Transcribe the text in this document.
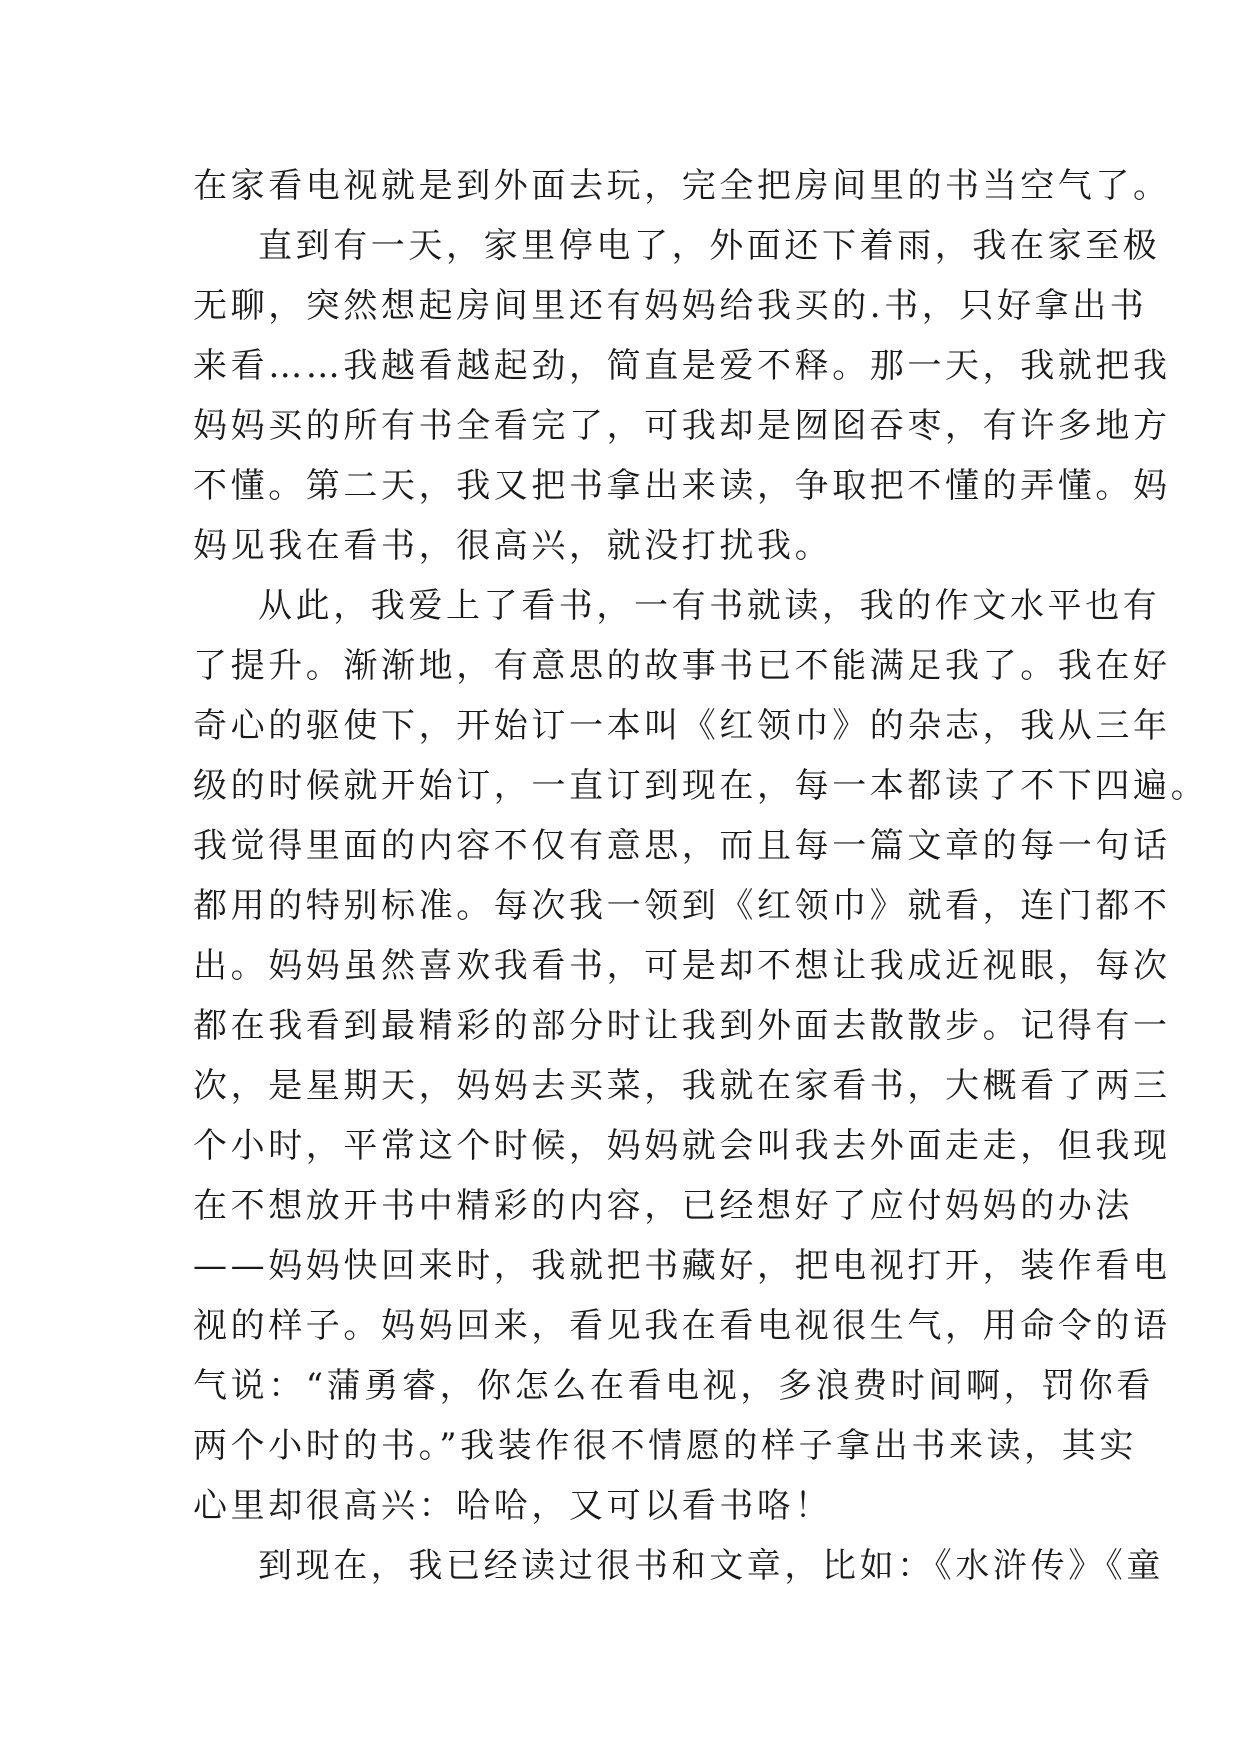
在家看电视就是到外面去玩，完全把房间里的书当空气了。
直到有一天，家里停电了，外面还下着雨，我在家至极
无聊，突然想起房间里还有妈妈给我买的.书，只好拿出书
来看……我越看越起劲，简直是爱不释。那一天，我就把我
妈妈买的所有书全看完了，可我却是囫囵吞枣，有许多地方
不懂。第二天，我又把书拿出来读，争取把不懂的弄懂。妈
妈见我在看书，很高兴，就没打扰我。
从此，我爱上了看书，一有书就读，我的作文水平也有
了提升。渐渐地，有意思的故事书已不能满足我了。我在好
奇心的驱使下，开始订一本叫《红领巾》的杂志，我从三年
级的时候就开始订，一直订到现在，每一本都读了不下四遍。
我觉得里面的内容不仅有意思，而且每一篇文章的每一句话
都用的特别标准。每次我一领到《红领巾》就看，连门都不
出。妈妈虽然喜欢我看书，可是却不想让我成近视眼，每次
都在我看到最精彩的部分时让我到外面去散散步。记得有一
次，是星期天，妈妈去买菜，我就在家看书，大概看了两三
个小时，平常这个时候，妈妈就会叫我去外面走走，但我现
在不想放开书中精彩的内容，已经想好了应付妈妈的办法
——妈妈快回来时，我就把书藏好，把电视打开，装作看电
视的样子。妈妈回来，看见我在看电视很生气，用命令的语
气说：“蒲勇睿，你怎么在看电视，多浪费时间啊，罚你看
两个小时的书。”我装作很不情愿的样子拿出书来读，其实
心里却很高兴：哈哈，又可以看书咯！
到现在，我已经读过很书和文章，比如：《水浒传》《童
